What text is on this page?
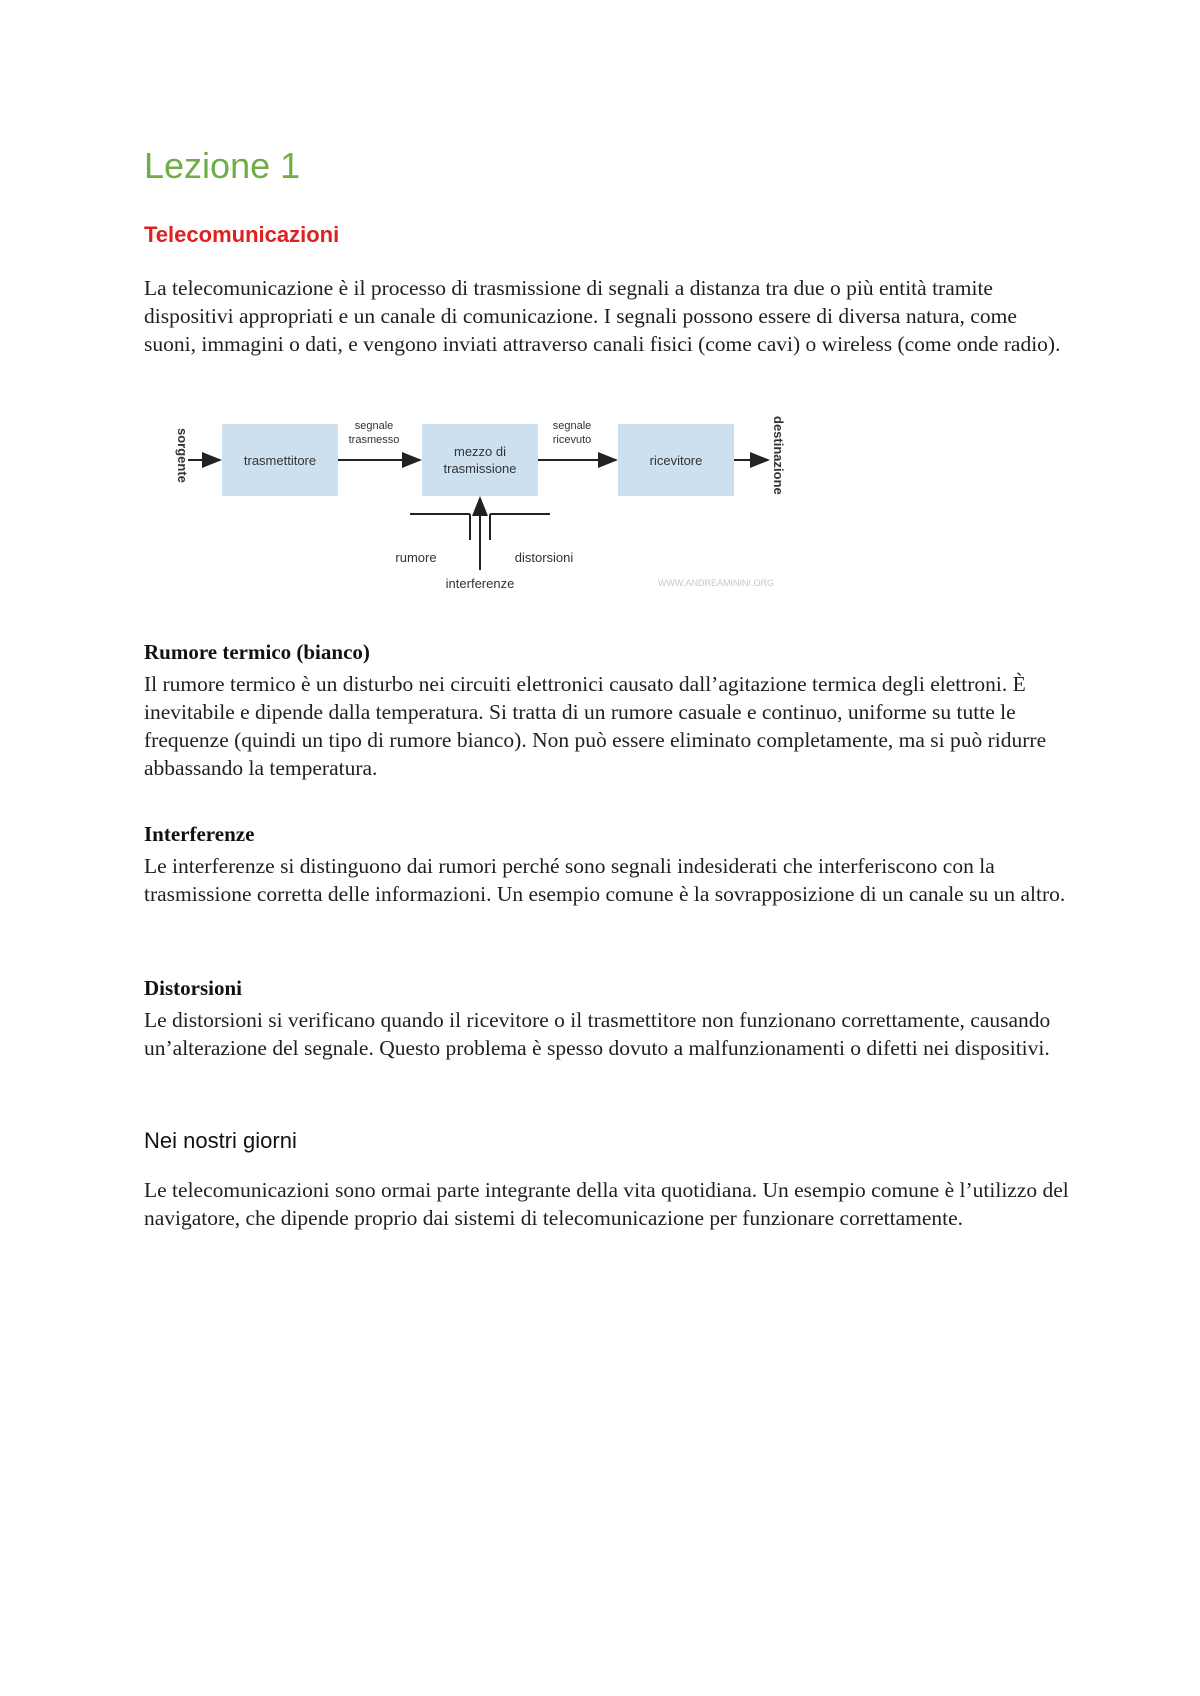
Lezione 1
Telecomunicazioni

La telecomunicazione è il processo di trasmissione di segnali a distanza tra due o più entità tramite dispositivi appropriati e un canale di comunicazione. I segnali possono essere di diversa natura, come suoni, immagini o dati, e vengono inviati attraverso canali fisici (come cavi) o wireless (come onde radio).

sorgente	trasmettitore
segnale
trasmesso
mezzo di
trasmissione
segnale
ricevuto
ricevitore	destinazione
rumore	distorsioni
interferenze	WWW.ANDREAMININI.ORG
Rumore termico (bianco)

Il rumore termico è un disturbo nei circuiti elettronici causato dall’agitazione termica degli elettroni. È inevitabile e dipende dalla temperatura. Si tratta di un rumore casuale e continuo, uniforme su tutte le frequenze (quindi un tipo di rumore bianco). Non può essere eliminato completamente, ma si può ridurre abbassando la temperatura.

Interferenze

Le interferenze si distinguono dai rumori perché sono segnali indesiderati che interferiscono con la trasmissione corretta delle informazioni. Un esempio comune è la sovrapposizione di un canale su un altro.

Distorsioni

Le distorsioni si verificano quando il ricevitore o il trasmettitore non funzionano correttamente, causando un’alterazione del segnale. Questo problema è spesso dovuto a malfunzionamenti o difetti nei dispositivi.

Nei nostri giorni

Le telecomunicazioni sono ormai parte integrante della vita quotidiana. Un esempio comune è l’utilizzo del navigatore, che dipende proprio dai sistemi di telecomunicazione per funzionare correttamente.
